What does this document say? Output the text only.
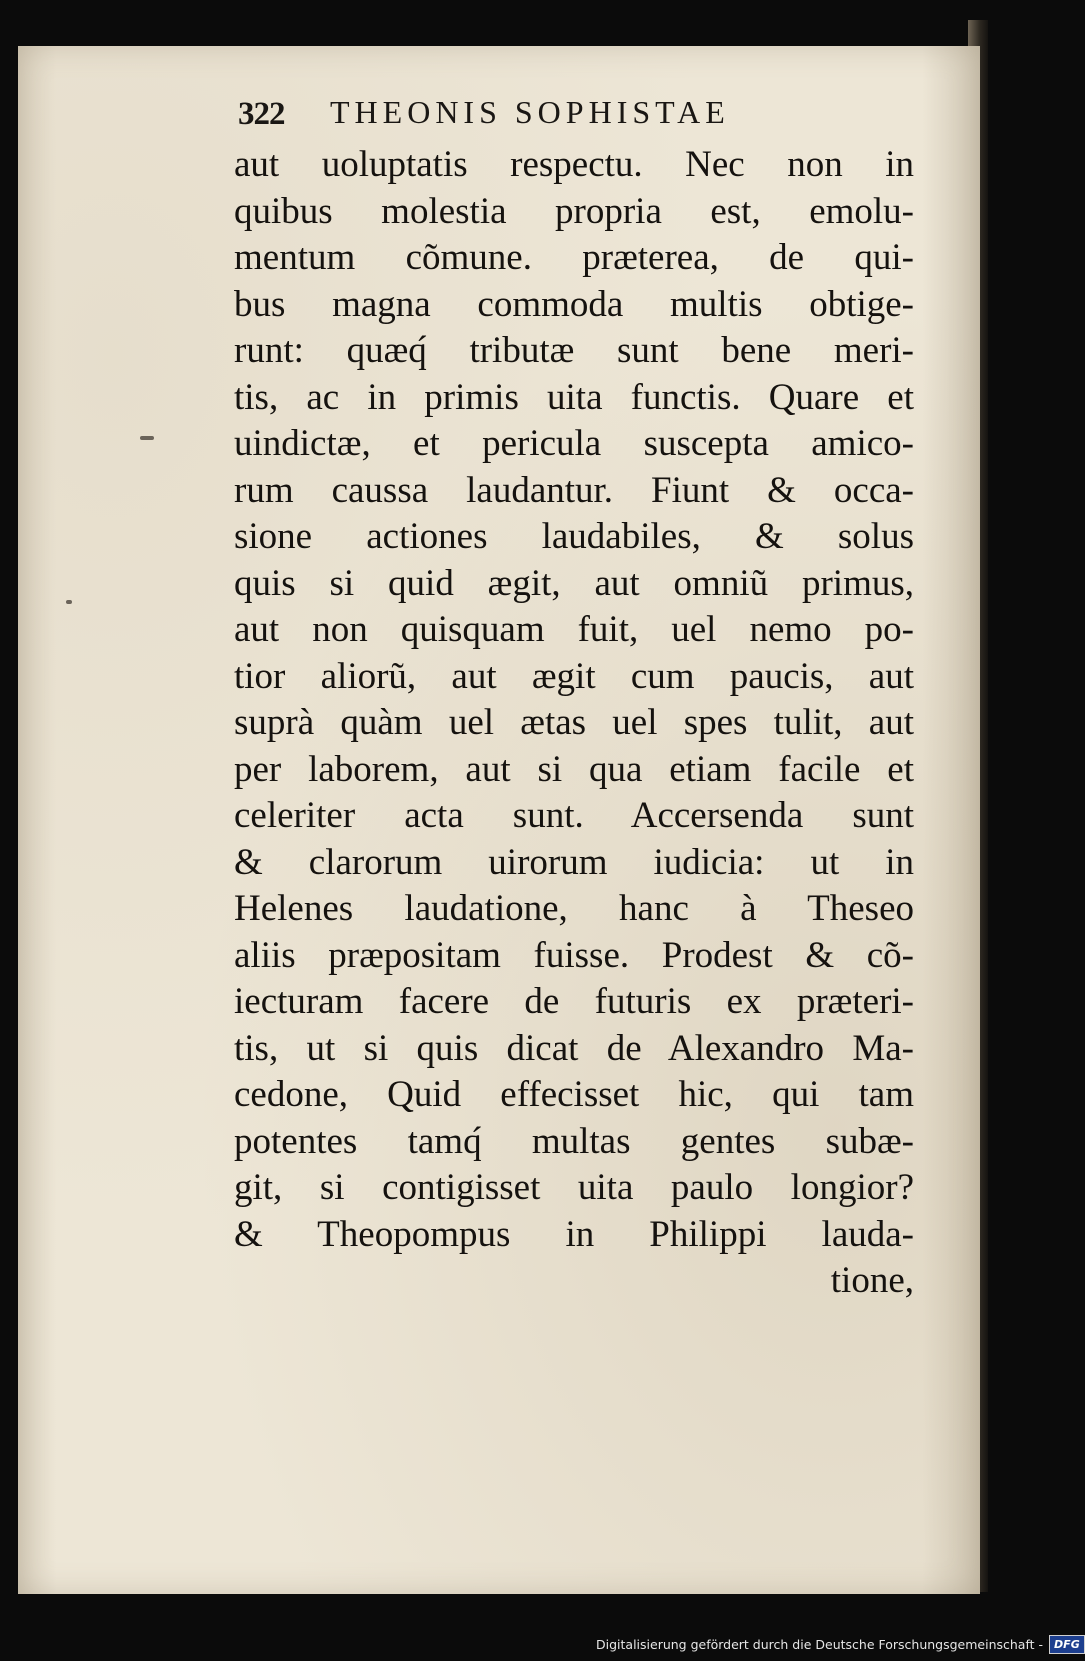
322 THEONIS SOPHISTAE
aut uoluptatis respectu. Nec non in
quibus molestia propria est, emolu-
mentum cõmune. præterea, de qui-
bus magna commoda multis obtige-
runt: quæq́ tributæ sunt bene meri-
tis, ac in primis uita functis. Quare et
uindictæ, et pericula suscepta amico-
rum caussa laudantur. Fiunt & occa-
sione actiones laudabiles, & solus
quis si quid ægit, aut omniũ primus,
aut non quisquam fuit, uel nemo po-
tior aliorũ, aut ægit cum paucis, aut
suprà quàm uel ætas uel spes tulit, aut
per laborem, aut si qua etiam facile et
celeriter acta sunt. Accersenda sunt
& clarorum uirorum iudicia: ut in
Helenes laudatione, hanc à Theseo
aliis præpositam fuisse. Prodest & cõ-
iecturam facere de futuris ex præteri-
tis, ut si quis dicat de Alexandro Ma-
cedone, Quid effecisset hic, qui tam
potentes tamq́ multas gentes subæ-
git, si contigisset uita paulo longior?
& Theopompus in Philippi lauda-
tione,
Digitalisierung gefördert durch die Deutsche Forschungsgemeinschaft -	DFG
